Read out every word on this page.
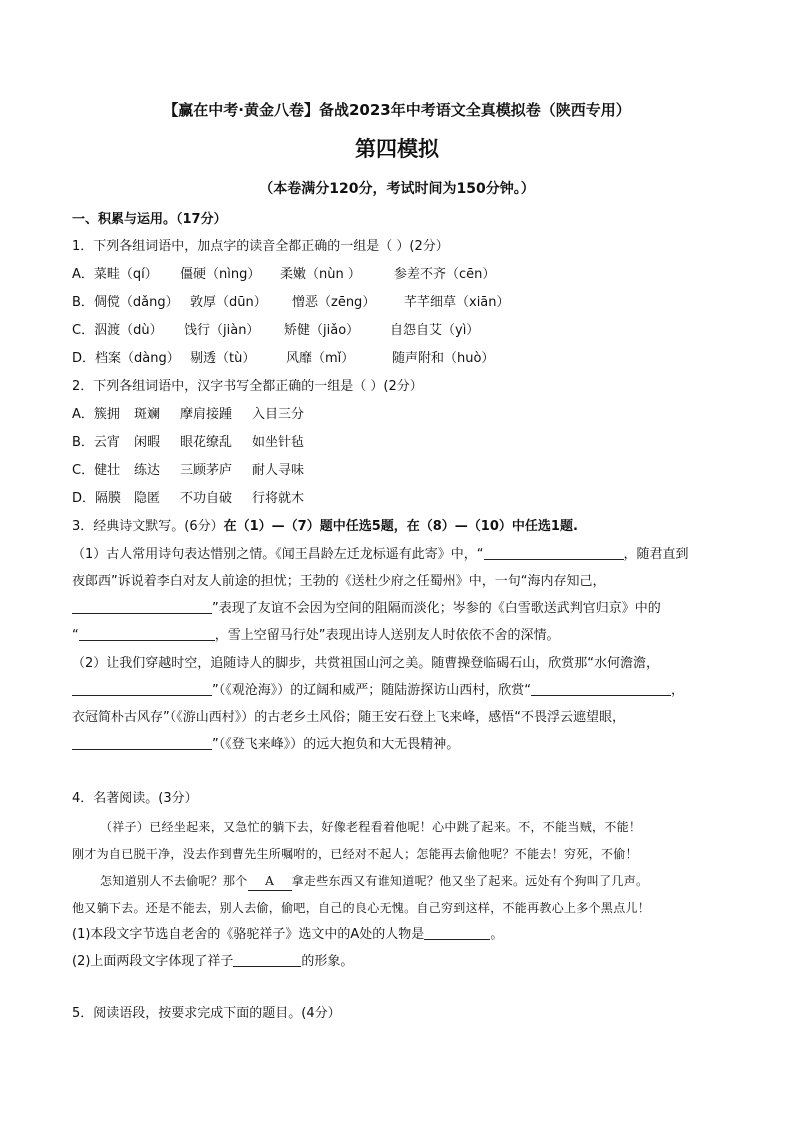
【赢在中考·黄金八卷】备战2023年中考语文全真模拟卷（陕西专用）
第四模拟
（本卷满分120分，考试时间为150分钟。）
一、积累与运用。（17分）
1．下列各组词语中，加点字的读音全都正确的一组是（ ）(2分）
A．菜畦（qí） 僵硬（nìng） 柔嫩（nùn ）	参差不齐（cēn）
B．倜傥（dǎng） 敦厚（dūn） 憎恶（zēng） 芊芊细草（xiān）
C．泅渡（dù） 饯行（jiàn） 矫健（jiǎo） 自怨自艾（yì）
D．档案（dàng） 剔透（tù） 风靡（mǐ）	随声附和（huò）
2．下列各组词语中，汉字书写全都正确的一组是（ ）(2分）
A．簇拥 斑斓 摩肩接踵 入目三分
B．云宵 闲暇 眼花缭乱 如坐针毡
C．健壮 练达 三顾茅庐 耐人寻味
D．隔膜 隐匿 不功自破 行将就木
3．经典诗文默写。(6分）在（1）—（7）题中任选5题，在（8）—（10）中任选1题.
（1）古人常用诗句表达惜别之情。《闻王昌龄左迁龙标遥有此寄》中，“	，随君直到
夜郎西”诉说着李白对友人前途的担忧；王勃的《送杜少府之任蜀州》中，一句“海内存知己，
”表现了友谊不会因为空间的阻隔而淡化；岑参的《白雪歌送武判官归京》中的
“	，雪上空留马行处”表现出诗人送别友人时依依不舍的深情。
（2）让我们穿越时空，追随诗人的脚步，共赏祖国山河之美。随曹操登临碣石山，欣赏那“水何澹澹，
”（《观沧海》）的辽阔和威严；随陆游探访山西村，欣赏“	，
衣冠简朴古风存”（《游山西村》）的古老乡土风俗；随王安石登上飞来峰，感悟“不畏浮云遮望眼，
”（《登飞来峰》）的远大抱负和大无畏精神。
4．名著阅读。(3分）
（祥子）已经坐起来，又急忙的躺下去，好像老程看着他呢！心中跳了起来。不，不能当贼，不能！
刚才为自已脱干净，没去作到曹先生所嘱咐的，已经对不起人；怎能再去偷他呢？不能去！穷死，不偷！
怎知道别人不去偷呢？那个 A 拿走些东西又有谁知道呢？他又坐了起来。远处有个狗叫了几声。
他又躺下去。还是不能去，别人去偷，偷吧，自己的良心无愧。自己穷到这样，不能再教心上多个黑点儿！
(1)本段文字节选自老舍的《骆驼祥子》选文中的A处的人物是	。
(2)上面两段文字体现了祥子	的形象。
5．阅读语段，按要求完成下面的题目。(4分）
